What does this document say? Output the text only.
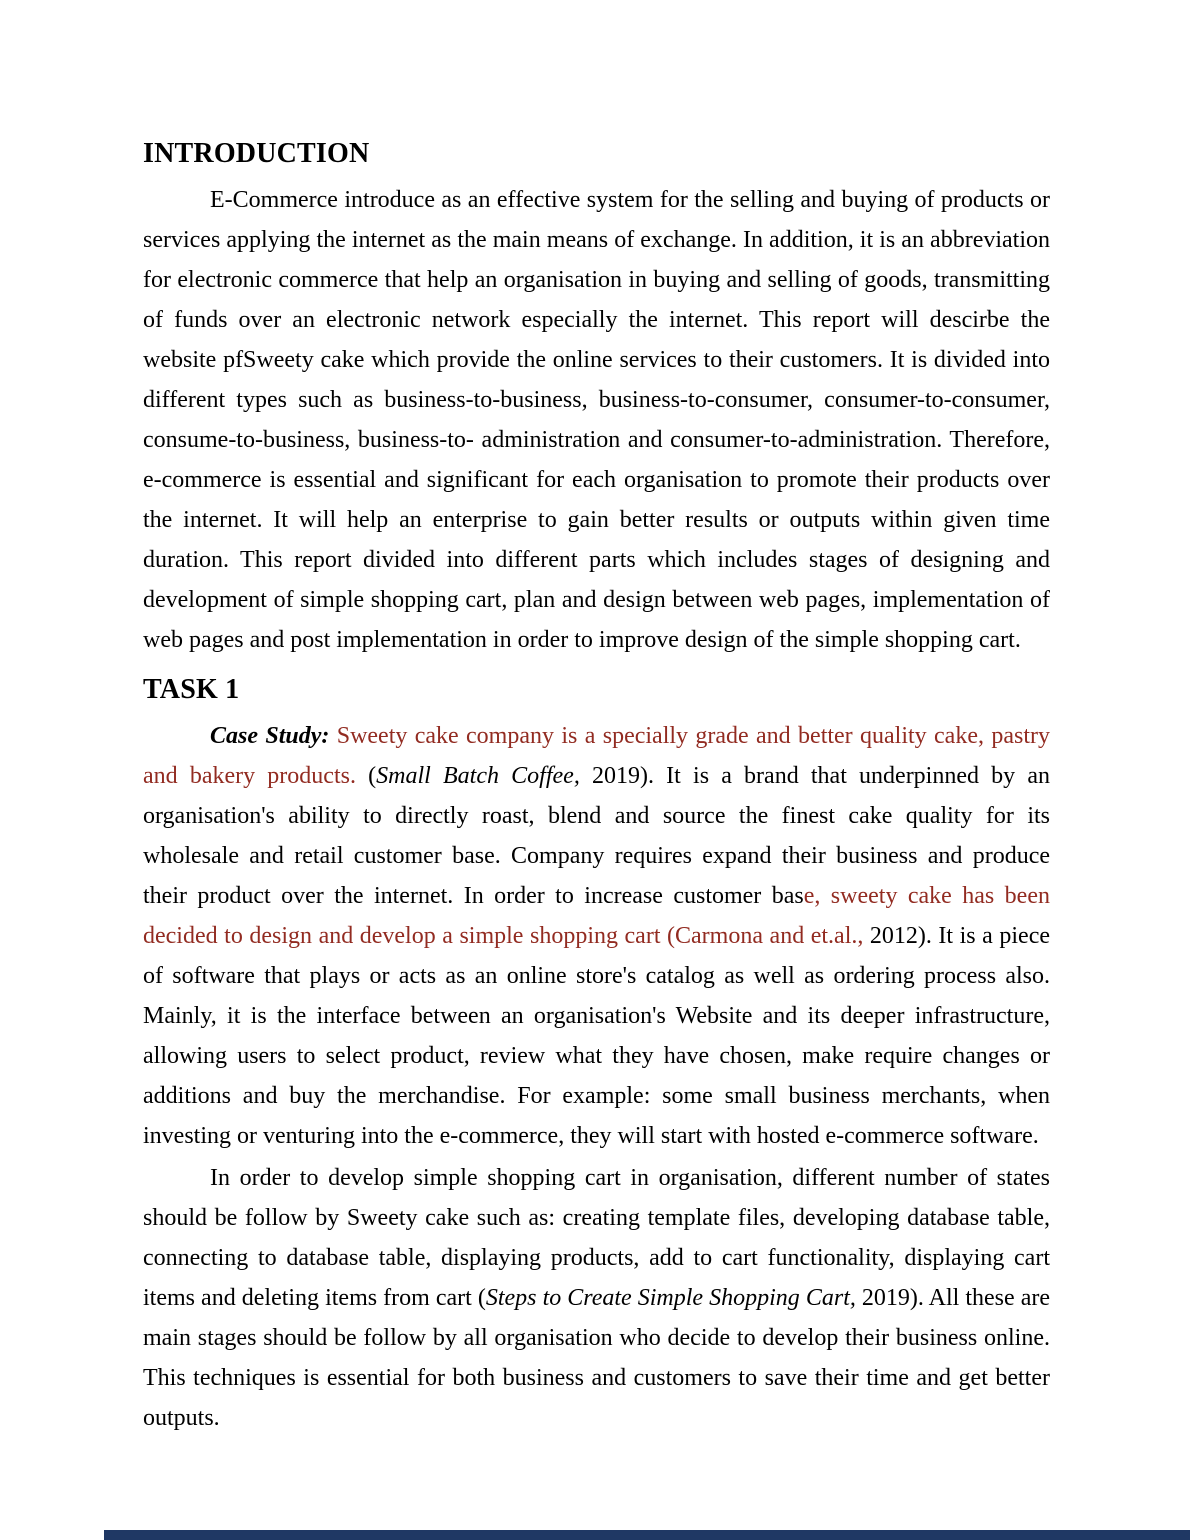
INTRODUCTION

E-Commerce introduce as an effective system for the selling and buying of products or services applying the internet as the main means of exchange. In addition, it is an abbreviation for electronic commerce that help an organisation in buying and selling of goods, transmitting of funds over an electronic network especially the internet. This report will descirbe the website pfSweety cake which provide the online services to their customers. It is divided into different types such as business-to-business, business-to-consumer, consumer-to-consumer, consume-to-business, business-to- administration and consumer-to-administration. Therefore, e-commerce is essential and significant for each organisation to promote their products over the internet. It will help an enterprise to gain better results or outputs within given time duration. This report divided into different parts which includes stages of designing and development of simple shopping cart, plan and design between web pages, implementation of web pages and post implementation in order to improve design of the simple shopping cart.

TASK 1

Case Study: Sweety cake company is a specially grade and better quality cake, pastry and bakery products. (Small Batch Coffee, 2019). It is a brand that underpinned by an organisation's ability to directly roast, blend and source the finest cake quality for its wholesale and retail customer base. Company requires expand their business and produce their product over the internet. In order to increase customer base, sweety cake has been decided to design and develop a simple shopping cart (Carmona and et.al., 2012). It is a piece of software that plays or acts as an online store's catalog as well as ordering process also. Mainly, it is the interface between an organisation's Website and its deeper infrastructure, allowing users to select product, review what they have chosen, make require changes or additions and buy the merchandise. For example: some small business merchants, when investing or venturing into the e-commerce, they will start with hosted e-commerce software.

In order to develop simple shopping cart in organisation, different number of states should be follow by Sweety cake such as: creating template files, developing database table, connecting to database table, displaying products, add to cart functionality, displaying cart items and deleting items from cart (Steps to Create Simple Shopping Cart, 2019). All these are main stages should be follow by all organisation who decide to develop their business online. This techniques is essential for both business and customers to save their time and get better outputs.
